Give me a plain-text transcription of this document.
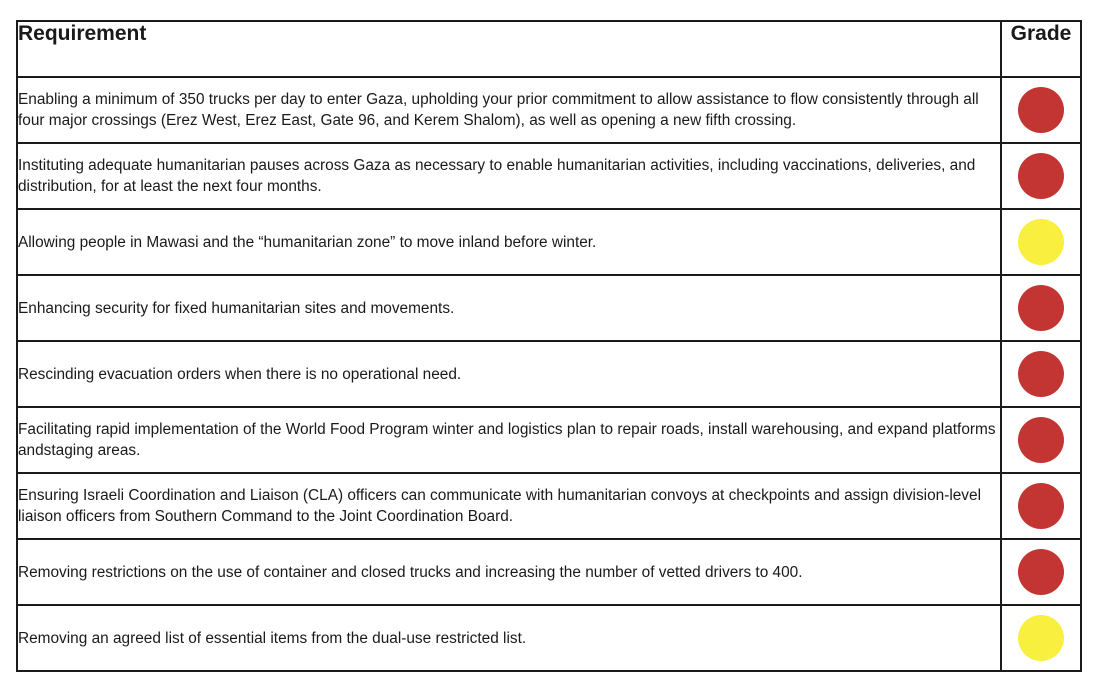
Requirement	Grade
Enabling a minimum of 350 trucks per day to enter Gaza, upholding your prior commitment to allow assistance to flow consistently through all four major crossings (Erez West, Erez East, Gate 96, and Kerem Shalom), as well as opening a new fifth crossing.	
Instituting adequate humanitarian pauses across Gaza as necessary to enable humanitarian activities, including vaccinations, deliveries, and distribution, for at least the next four months.	
Allowing people in Mawasi and the “humanitarian zone” to move inland before winter.	
Enhancing security for fixed humanitarian sites and movements.	
Rescinding evacuation orders when there is no operational need.	
Facilitating rapid implementation of the World Food Program winter and logistics plan to repair roads, install warehousing, and expand platforms andstaging areas.	
Ensuring Israeli Coordination and Liaison (CLA) officers can communicate with humanitarian convoys at checkpoints and assign division-level liaison officers from Southern Command to the Joint Coordination Board.	
Removing restrictions on the use of container and closed trucks and increasing the number of vetted drivers to 400.	
Removing an agreed list of essential items from the dual-use restricted list.	
